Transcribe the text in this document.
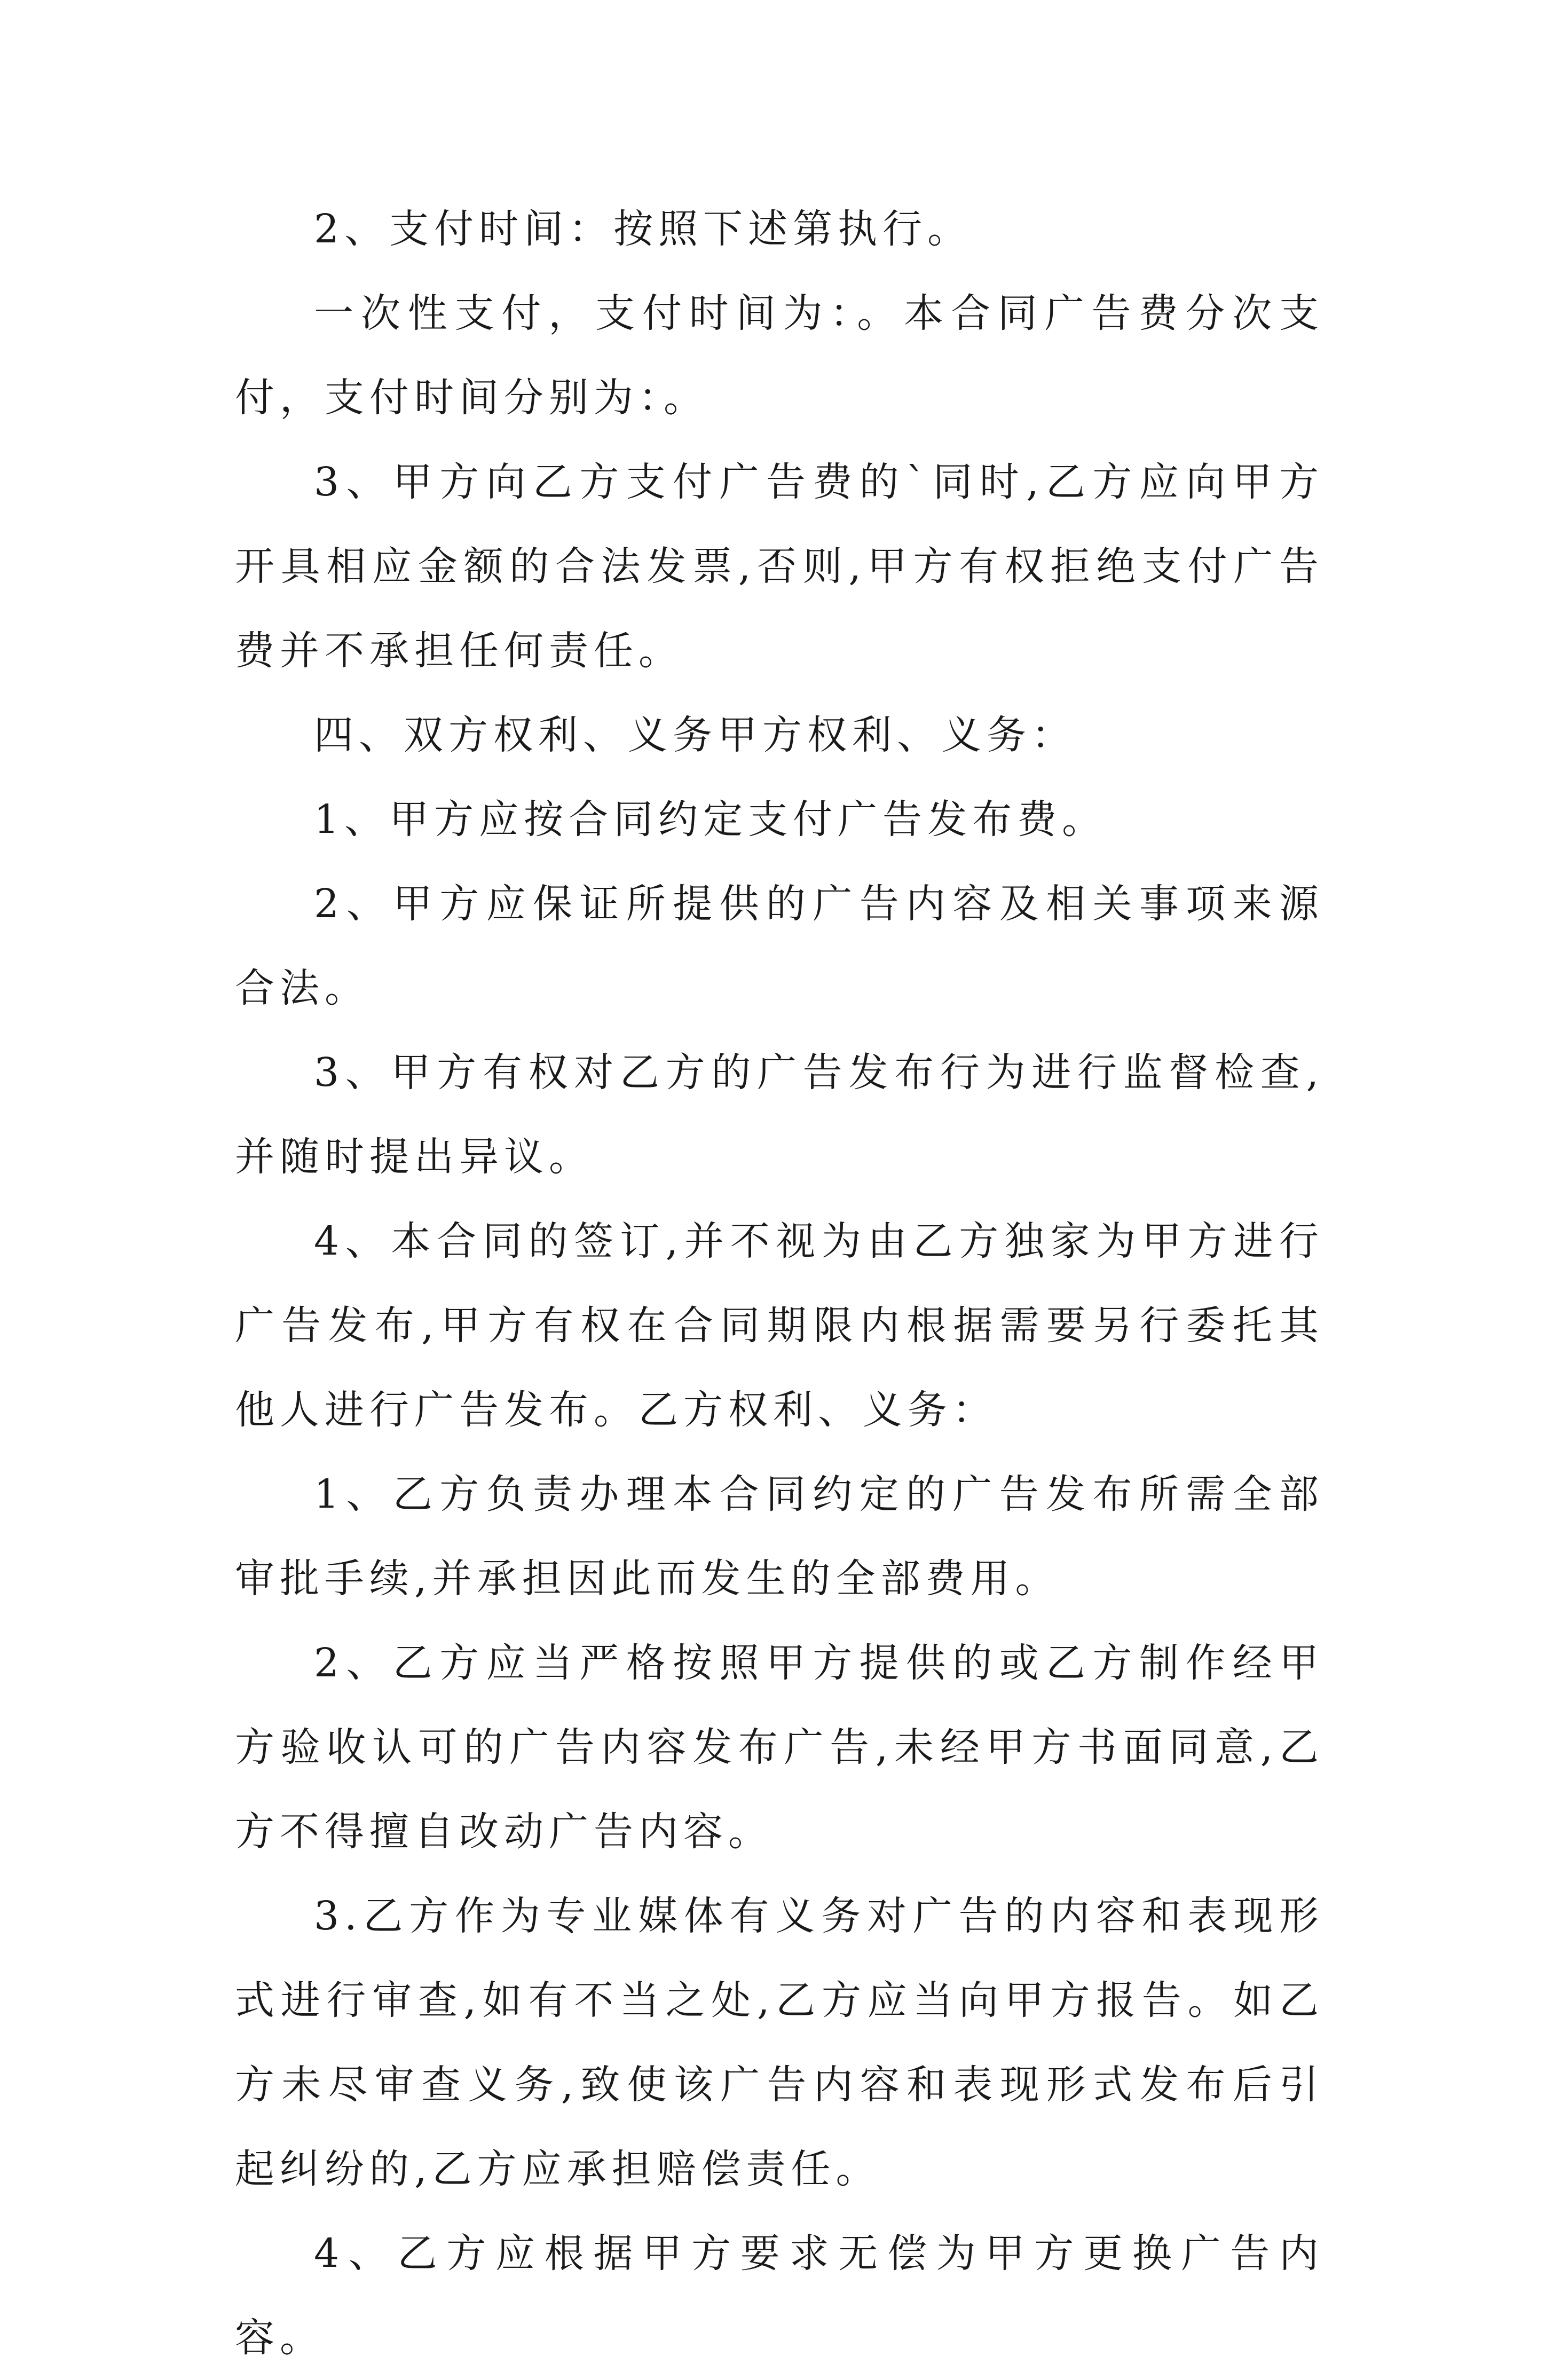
2、支付时间：按照下述第执行。

一次性支付，支付时间为：。本合同广告费分次支付，支付时间分别为：。

3、甲方向乙方支付广告费的`同时,乙方应向甲方开具相应金额的合法发票,否则,甲方有权拒绝支付广告费并不承担任何责任。

四、双方权利、义务甲方权利、义务：

1、甲方应按合同约定支付广告发布费。

2、甲方应保证所提供的广告内容及相关事项来源合法。

3、甲方有权对乙方的广告发布行为进行监督检查,并随时提出异议。

4、本合同的签订,并不视为由乙方独家为甲方进行广告发布,甲方有权在合同期限内根据需要另行委托其他人进行广告发布。乙方权利、义务：

1、乙方负责办理本合同约定的广告发布所需全部审批手续,并承担因此而发生的全部费用。

2、乙方应当严格按照甲方提供的或乙方制作经甲方验收认可的广告内容发布广告,未经甲方书面同意,乙方不得擅自改动广告内容。

3.乙方作为专业媒体有义务对广告的内容和表现形式进行审查,如有不当之处,乙方应当向甲方报告。如乙方未尽审查义务,致使该广告内容和表现形式发布后引起纠纷的,乙方应承担赔偿责任。

4、乙方应根据甲方要求无偿为甲方更换广告内容。
